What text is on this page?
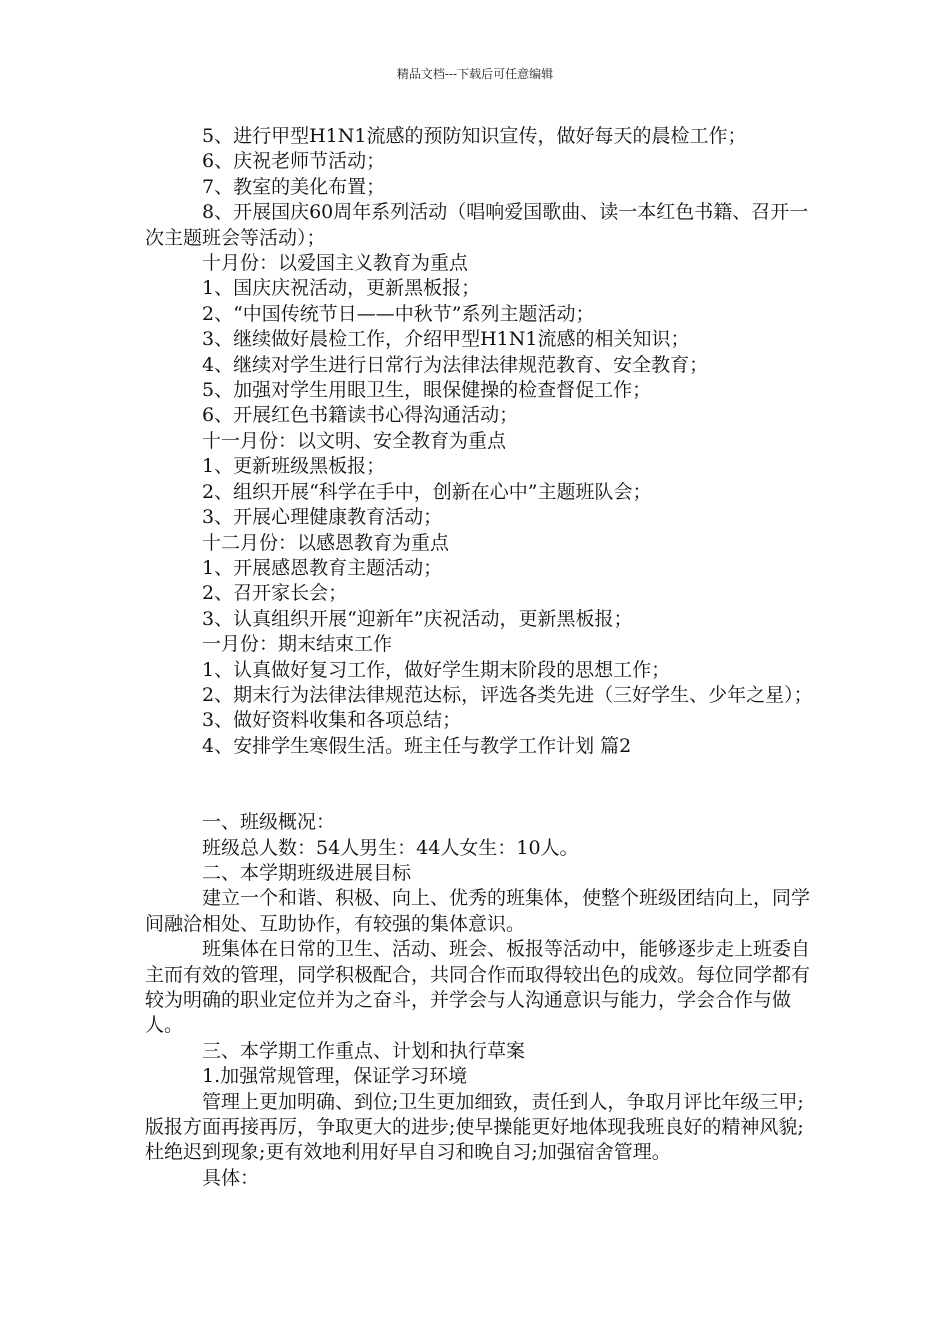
精品文档---下载后可任意编辑

5、进行甲型H1N1流感的预防知识宣传，做好每天的晨检工作；

6、庆祝老师节活动；

7、教室的美化布置；

8、开展国庆60周年系列活动（唱响爱国歌曲、读一本红色书籍、召开一次主题班会等活动）；

十月份：以爱国主义教育为重点

1、国庆庆祝活动，更新黑板报；

2、“中国传统节日——中秋节”系列主题活动；

3、继续做好晨检工作，介绍甲型H1N1流感的相关知识；

4、继续对学生进行日常行为法律法律规范教育、安全教育；

5、加强对学生用眼卫生，眼保健操的检查督促工作；

6、开展红色书籍读书心得沟通活动；

十一月份：以文明、安全教育为重点

1、更新班级黑板报；

2、组织开展“科学在手中，创新在心中”主题班队会；

3、开展心理健康教育活动；

十二月份：以感恩教育为重点

1、开展感恩教育主题活动；

2、召开家长会；

3、认真组织开展“迎新年”庆祝活动，更新黑板报；

一月份：期末结束工作

1、认真做好复习工作，做好学生期末阶段的思想工作；

2、期末行为法律法律规范达标，评选各类先进（三好学生、少年之星）；

3、做好资料收集和各项总结；

4、安排学生寒假生活。班主任与教学工作计划 篇2

一、班级概况：

班级总人数：54人男生：44人女生：10人。

二、本学期班级进展目标

建立一个和谐、积极、向上、优秀的班集体，使整个班级团结向上，同学间融洽相处、互助协作，有较强的集体意识。

班集体在日常的卫生、活动、班会、板报等活动中，能够逐步走上班委自主而有效的管理，同学积极配合，共同合作而取得较出色的成效。每位同学都有较为明确的职业定位并为之奋斗，并学会与人沟通意识与能力，学会合作与做人。

三、本学期工作重点、计划和执行草案

1.加强常规管理，保证学习环境

管理上更加明确、到位;卫生更加细致，责任到人，争取月评比年级三甲;版报方面再接再厉，争取更大的进步;使早操能更好地体现我班良好的精神风貌;杜绝迟到现象;更有效地利用好早自习和晚自习;加强宿舍管理。

具体：
